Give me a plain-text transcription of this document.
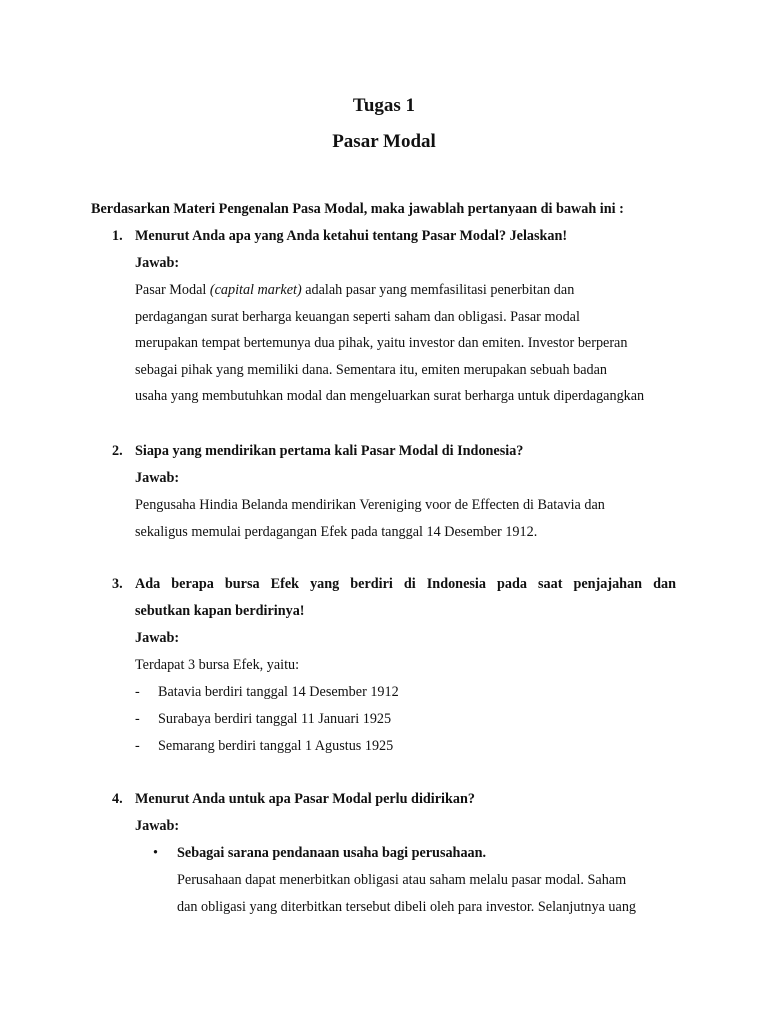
Tugas 1
Pasar Modal
Berdasarkan Materi Pengenalan Pasa Modal, maka jawablah pertanyaan di bawah ini :
1. Menurut Anda apa yang Anda ketahui tentang Pasar Modal? Jelaskan!
Jawab:
Pasar Modal (capital market) adalah pasar yang memfasilitasi penerbitan dan
perdagangan surat berharga keuangan seperti saham dan obligasi. Pasar modal
merupakan tempat bertemunya dua pihak, yaitu investor dan emiten. Investor berperan
sebagai pihak yang memiliki dana. Sementara itu, emiten merupakan sebuah badan
usaha yang membutuhkan modal dan mengeluarkan surat berharga untuk diperdagangkan
2. Siapa yang mendirikan pertama kali Pasar Modal di Indonesia?
Jawab:
Pengusaha Hindia Belanda mendirikan Vereniging voor de Effecten di Batavia dan
sekaligus memulai perdagangan Efek pada tanggal 14 Desember 1912.
3. Ada berapa bursa Efek yang berdiri di Indonesia pada saat penjajahan dan
sebutkan kapan berdirinya!
Jawab:
Terdapat 3 bursa Efek, yaitu:
- Batavia berdiri tanggal 14 Desember 1912
- Surabaya berdiri tanggal 11 Januari 1925
- Semarang berdiri tanggal 1 Agustus 1925
4. Menurut Anda untuk apa Pasar Modal perlu didirikan?
Jawab:
• Sebagai sarana pendanaan usaha bagi perusahaan.
Perusahaan dapat menerbitkan obligasi atau saham melalu pasar modal. Saham
dan obligasi yang diterbitkan tersebut dibeli oleh para investor. Selanjutnya uang
